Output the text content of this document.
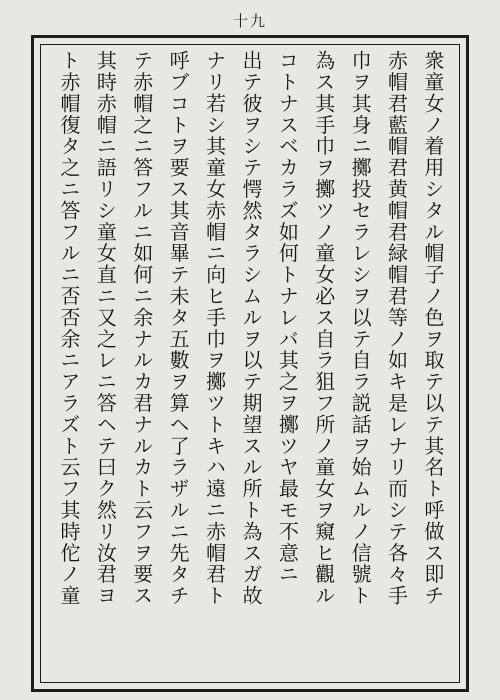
十九
衆童女ノ着用シタル帽子ノ色ヲ取テ以テ其名ト呼做ス即チ
赤帽君藍帽君黄帽君緑帽君等ノ如キ是レナリ而シテ各々手
巾ヲ其身ニ擲投セラレシヲ以テ自ラ説話ヲ始ムルノ信號ト
為ス其手巾ヲ擲ツノ童女必ス自ラ狙フ所ノ童女ヲ窺ヒ觀ル
コトナスベカラズ如何トナレバ其之ヲ擲ツヤ最モ不意ニ
出テ彼ヲシテ愕然タラシムルヲ以テ期望スル所ト為スガ故
ナリ若シ其童女赤帽ニ向ヒ手巾ヲ擲ツトキハ遠ニ赤帽君ト
呼ブコトヲ要ス其音畢テ未タ五數ヲ算ヘ了ラザルニ先タチ
テ赤帽之ニ答フルニ如何ニ余ナルカ君ナルカト云フヲ要ス
其時赤帽ニ語リシ童女直ニ又之レニ答ヘテ曰ク然リ汝君ヨ
ト赤帽復タ之ニ答フルニ否否余ニアラズト云フ其時佗ノ童
